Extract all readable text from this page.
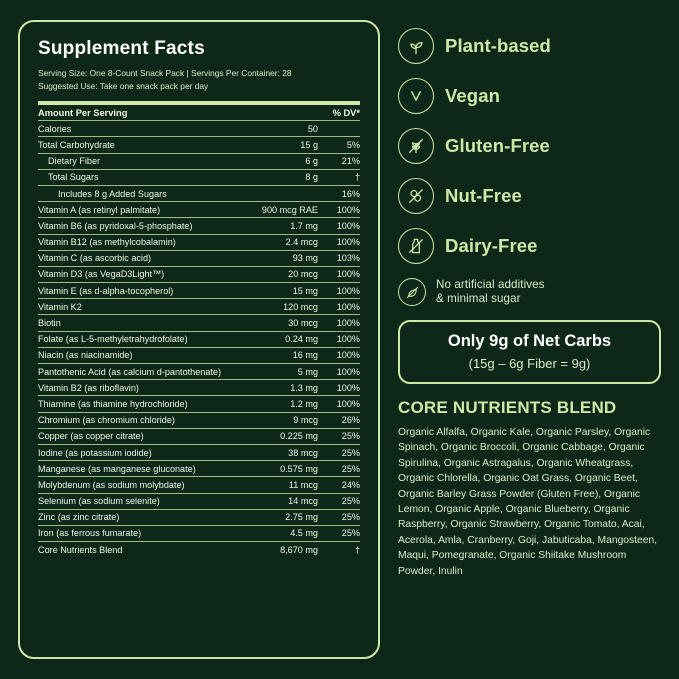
Supplement Facts
Serving Size: One 8-Count Snack Pack | Servings Per Container: 28
Suggested Use: Take one snack pack per day
Amount Per Serving		% DV*
Calories	50	
Total Carbohydrate	15 g	5%
Dietary Fiber	6 g	21%
Total Sugars	8 g	†
Includes 8 g Added Sugars		16%
Vitamin A (as retinyl palmitate)	900 mcg RAE	100%
Vitamin B6 (as pyridoxal-5-phosphate)	1.7 mg	100%
Vitamin B12 (as methylcobalamin)	2.4 mcg	100%
Vitamin C (as ascorbic acid)	93 mg	103%
Vitamin D3 (as VegaD3Light™)	20 mcg	100%
Vitamin E (as d-alpha-tocopherol)	15 mg	100%
Vitamin K2	120 mcg	100%
Biotin	30 mcg	100%
Folate (as L-5-methyletrahydrofolate)	0.24 mg	100%
Niacin (as niacinamide)	16 mg	100%
Pantothenic Acid (as calcium d-pantothenate)	5 mg	100%
Vitamin B2 (as riboflavin)	1.3 mg	100%
Thiamine (as thiamine hydrochloride)	1.2 mg	100%
Chromium (as chromium chloride)	9 mcg	26%
Copper (as copper citrate)	0.225 mg	25%
Iodine (as potassium iodide)	38 mcg	25%
Manganese (as manganese gluconate)	0.575 mg	25%
Molybdenum (as sodium molybdate)	11 mcg	24%
Selenium (as sodium selenite)	14 mcg	25%
Zinc (as zinc citrate)	2.75 mg	25%
Iron (as ferrous fumarate)	4.5 mg	25%
Core Nutrients Blend	8,670 mg	†
Plant-based
Vegan
Gluten-Free
Nut-Free
Dairy-Free
No artificial additives
& minimal sugar
Only 9g of Net Carbs
(15g – 6g Fiber = 9g)
CORE NUTRIENTS BLEND
Organic Alfalfa, Organic Kale, Organic Parsley, Organic Spinach, Organic Broccoli, Organic Cabbage, Organic Spirulina, Organic Astragalus, Organic Wheatgrass, Organic Chlorella, Organic Oat Grass, Organic Beet, Organic Barley Grass Powder (Gluten Free), Organic Lemon, Organic Apple, Organic Blueberry, Organic Raspberry, Organic Strawberry, Organic Tomato, Acai, Acerola, Amla, Cranberry, Goji, Jabuticaba, Mangosteen, Maqui, Pomegranate, Organic Shiitake Mushroom Powder, Inulin
